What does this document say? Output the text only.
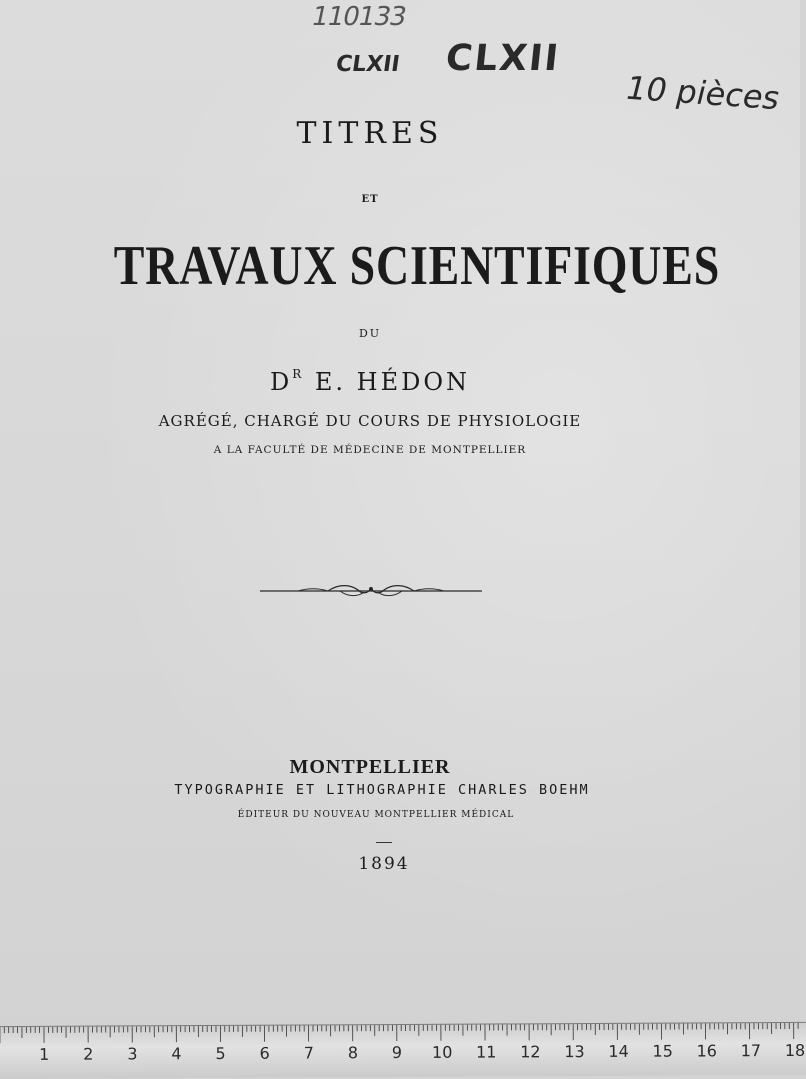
110133
CLXII CLXII
10 pièces
TITRES
ET
TRAVAUX SCIENTIFIQUES
DU
$D^R$ E. HÉDON
AGRÉGÉ, CHARGÉ DU COURS DE PHYSIOLOGIE
A LA FACULTÉ DE MÉDECINE DE MONTPELLIER
MONTPELLIER
TYPOGRAPHIE ET LITHOGRAPHIE CHARLES BOEHM
ÉDITEUR DU NOUVEAU MONTPELLIER MÉDICAL
1894
1 2 3 4 5 6 7 8 9 10 11 12 13 14 15 16 17 18
